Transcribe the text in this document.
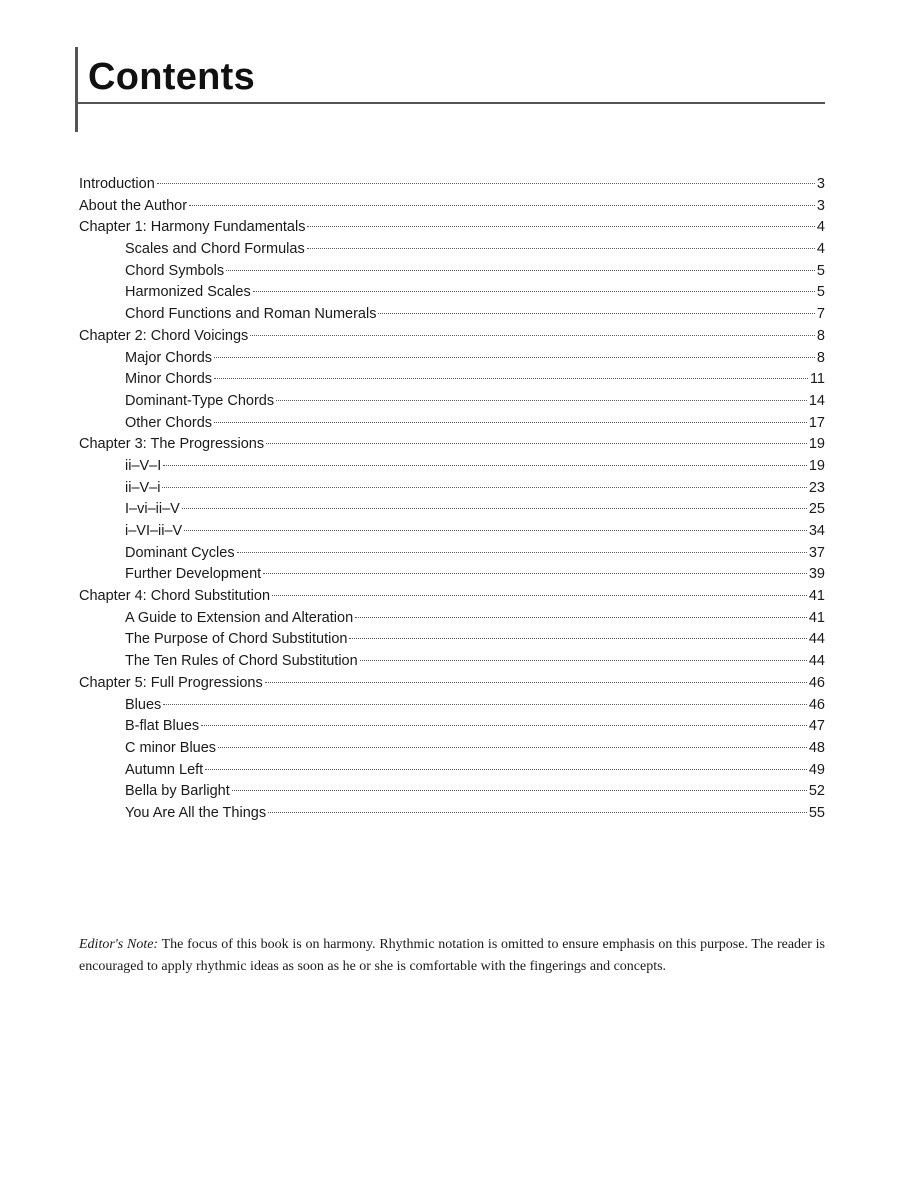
Contents
Introduction	3
About the Author	3
Chapter 1: Harmony Fundamentals	4
Scales and Chord Formulas	4
Chord Symbols	5
Harmonized Scales	5
Chord Functions and Roman Numerals	7
Chapter 2: Chord Voicings	8
Major Chords	8
Minor Chords	11
Dominant-Type Chords	14
Other Chords	17
Chapter 3: The Progressions	19
ii–V–I	19
ii–V–i	23
I–vi–ii–V	25
i–VI–ii–V	34
Dominant Cycles	37
Further Development	39
Chapter 4: Chord Substitution	41
A Guide to Extension and Alteration	41
The Purpose of Chord Substitution	44
The Ten Rules of Chord Substitution	44
Chapter 5: Full Progressions	46
Blues	46
B-flat Blues	47
C minor Blues	48
Autumn Left	49
Bella by Barlight	52
You Are All the Things	55

Editor's Note: The focus of this book is on harmony. Rhythmic notation is omitted to ensure emphasis on this purpose. The reader is encouraged to apply rhythmic ideas as soon as he or she is comfortable with the fingerings and concepts.
